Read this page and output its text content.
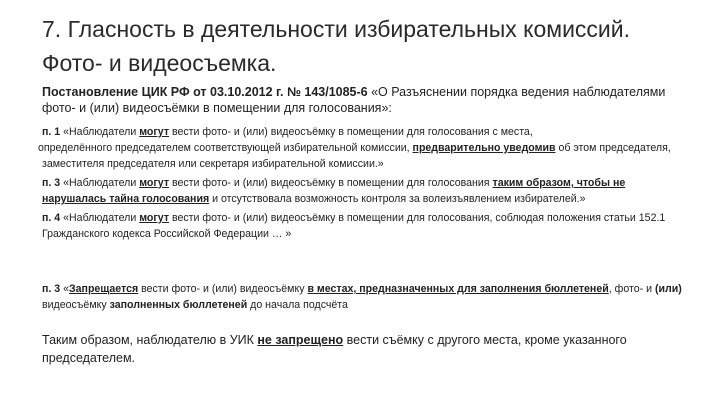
7. Гласность в деятельности избирательных комиссий.
Фото- и видеосъемка.
Постановление ЦИК РФ от 03.10.2012 г. № 143/1085-6 «О Разъяснении порядка ведения наблюдателями фото- и (или) видеосъёмки в помещении для голосования»:

п. 1 «Наблюдатели могут вести фото- и (или) видеосъёмку в помещении для голосования с места,
определённого председателем соответствующей избирательной комиссии, предварительно уведомив об этом председателя, заместителя председателя или секретаря избирательной комиссии.»

п. 3 «Наблюдатели могут вести фото- и (или) видеосъёмку в помещении для голосования таким образом, чтобы не нарушалась тайна голосования и отсутствовала возможность контроля за волеизъявлением избирателей.»

п. 4 «Наблюдатели могут вести фото- и (или) видеосъёмку в помещении для голосования, соблюдая положения статьи 152.1 Гражданского кодекса Российской Федерации … »

п. 3 «Запрещается вести фото- и (или) видеосъёмку в местах, предназначенных для заполнения бюллетеней, фото- и (или) видеосъёмку заполненных бюллетеней до начала подсчёта
Таким образом, наблюдателю в УИК не запрещено вести съёмку с другого места, кроме указанного председателем.
